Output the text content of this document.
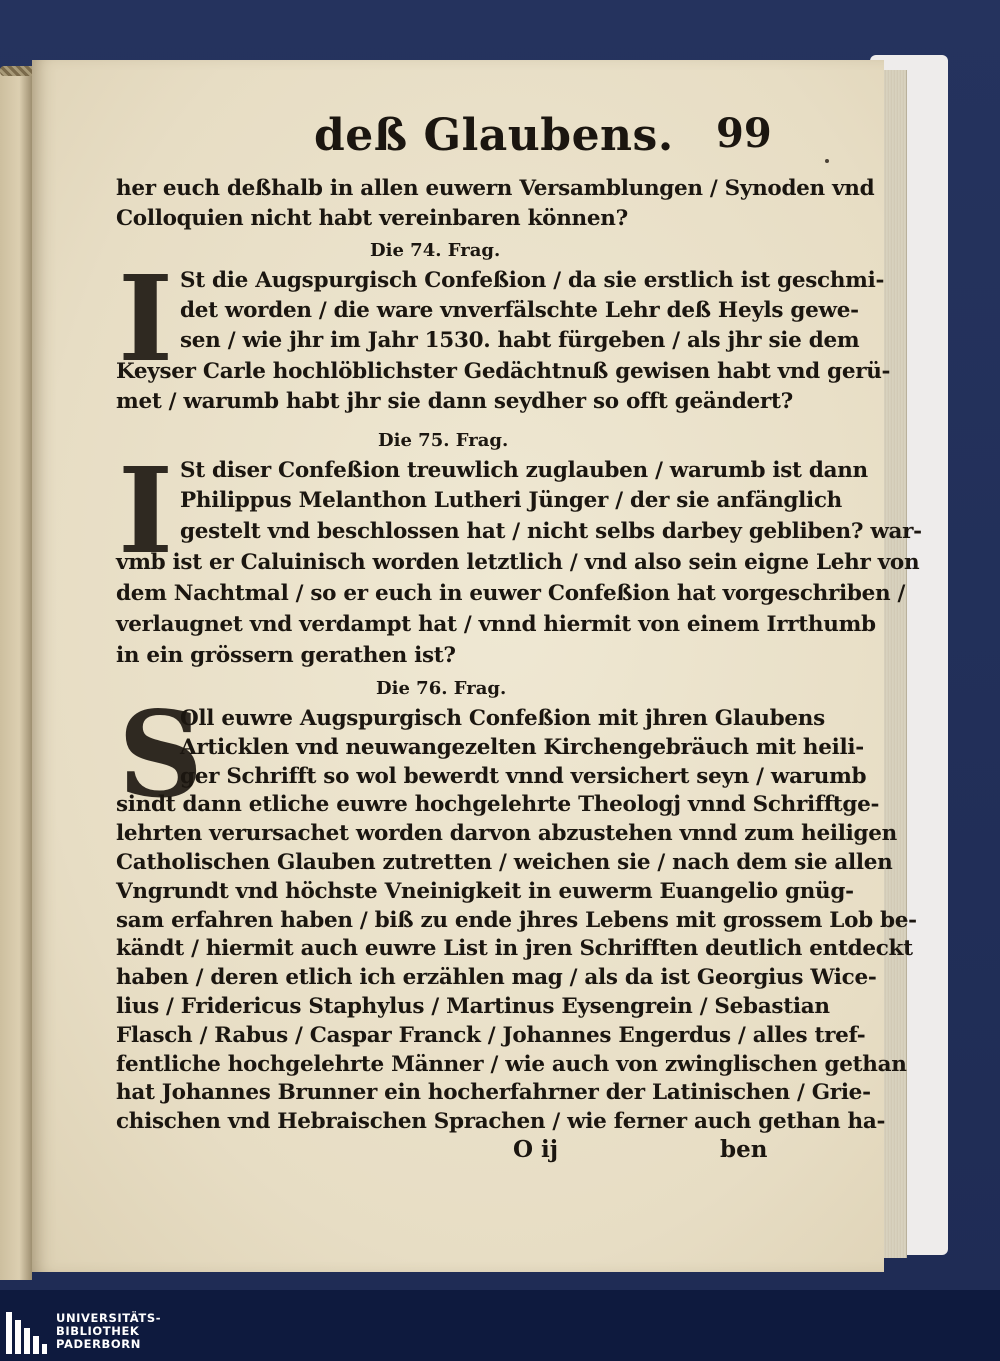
deß Glaubens. 99
her euch deßhalb in allen euwern Versamblungen / Synoden vnd
Colloquien nicht habt vereinbaren können?
Die 74. Frag.
I St die Augspurgisch Confeßion / da sie erstlich ist geschmi-
det worden / die ware vnverfälschte Lehr deß Heyls gewe-
sen / wie jhr im Jahr 1530. habt fürgeben / als jhr sie dem
Keyser Carle hochlöblichster Gedächtnuß gewisen habt vnd gerü-
met / warumb habt jhr sie dann seydher so offt geändert?
Die 75. Frag.
I St diser Confeßion treuwlich zuglauben / warumb ist dann
Philippus Melanthon Lutheri Jünger / der sie anfänglich
gestelt vnd beschlossen hat / nicht selbs darbey gebliben? war-
vmb ist er Caluinisch worden letztlich / vnd also sein eigne Lehr von
dem Nachtmal / so er euch in euwer Confeßion hat vorgeschriben /
verlaugnet vnd verdampt hat / vnnd hiermit von einem Irrthumb
in ein grössern gerathen ist?
Die 76. Frag.
S
Oll euwre Augspurgisch Confeßion mit jhren Glaubens
Articklen vnd neuwangezelten Kirchengebräuch mit heili-
ger Schrifft so wol bewerdt vnnd versichert seyn / warumb
sindt dann etliche euwre hochgelehrte Theologj vnnd Schrifftge-
lehrten verursachet worden darvon abzustehen vnnd zum heiligen
Catholischen Glauben zutretten / weichen sie / nach dem sie allen
Vngrundt vnd höchste Vneinigkeit in euwerm Euangelio gnüg-
sam erfahren haben / biß zu ende jhres Lebens mit grossem Lob be-
kändt / hiermit auch euwre List in jren Schrifften deutlich entdeckt
haben / deren etlich ich erzählen mag / als da ist Georgius Wice-
lius / Fridericus Staphylus / Martinus Eysengrein / Sebastian
Flasch / Rabus / Caspar Franck / Johannes Engerdus / alles tref-
fentliche hochgelehrte Männer / wie auch von zwinglischen gethan
hat Johannes Brunner ein hocherfahrner der Latinischen / Grie-
O ij	ben
chischen vnd Hebraischen Sprachen / wie ferner auch gethan ha-
UNIVERSITÄTS-
BIBLIOTHEK
PADERBORN
